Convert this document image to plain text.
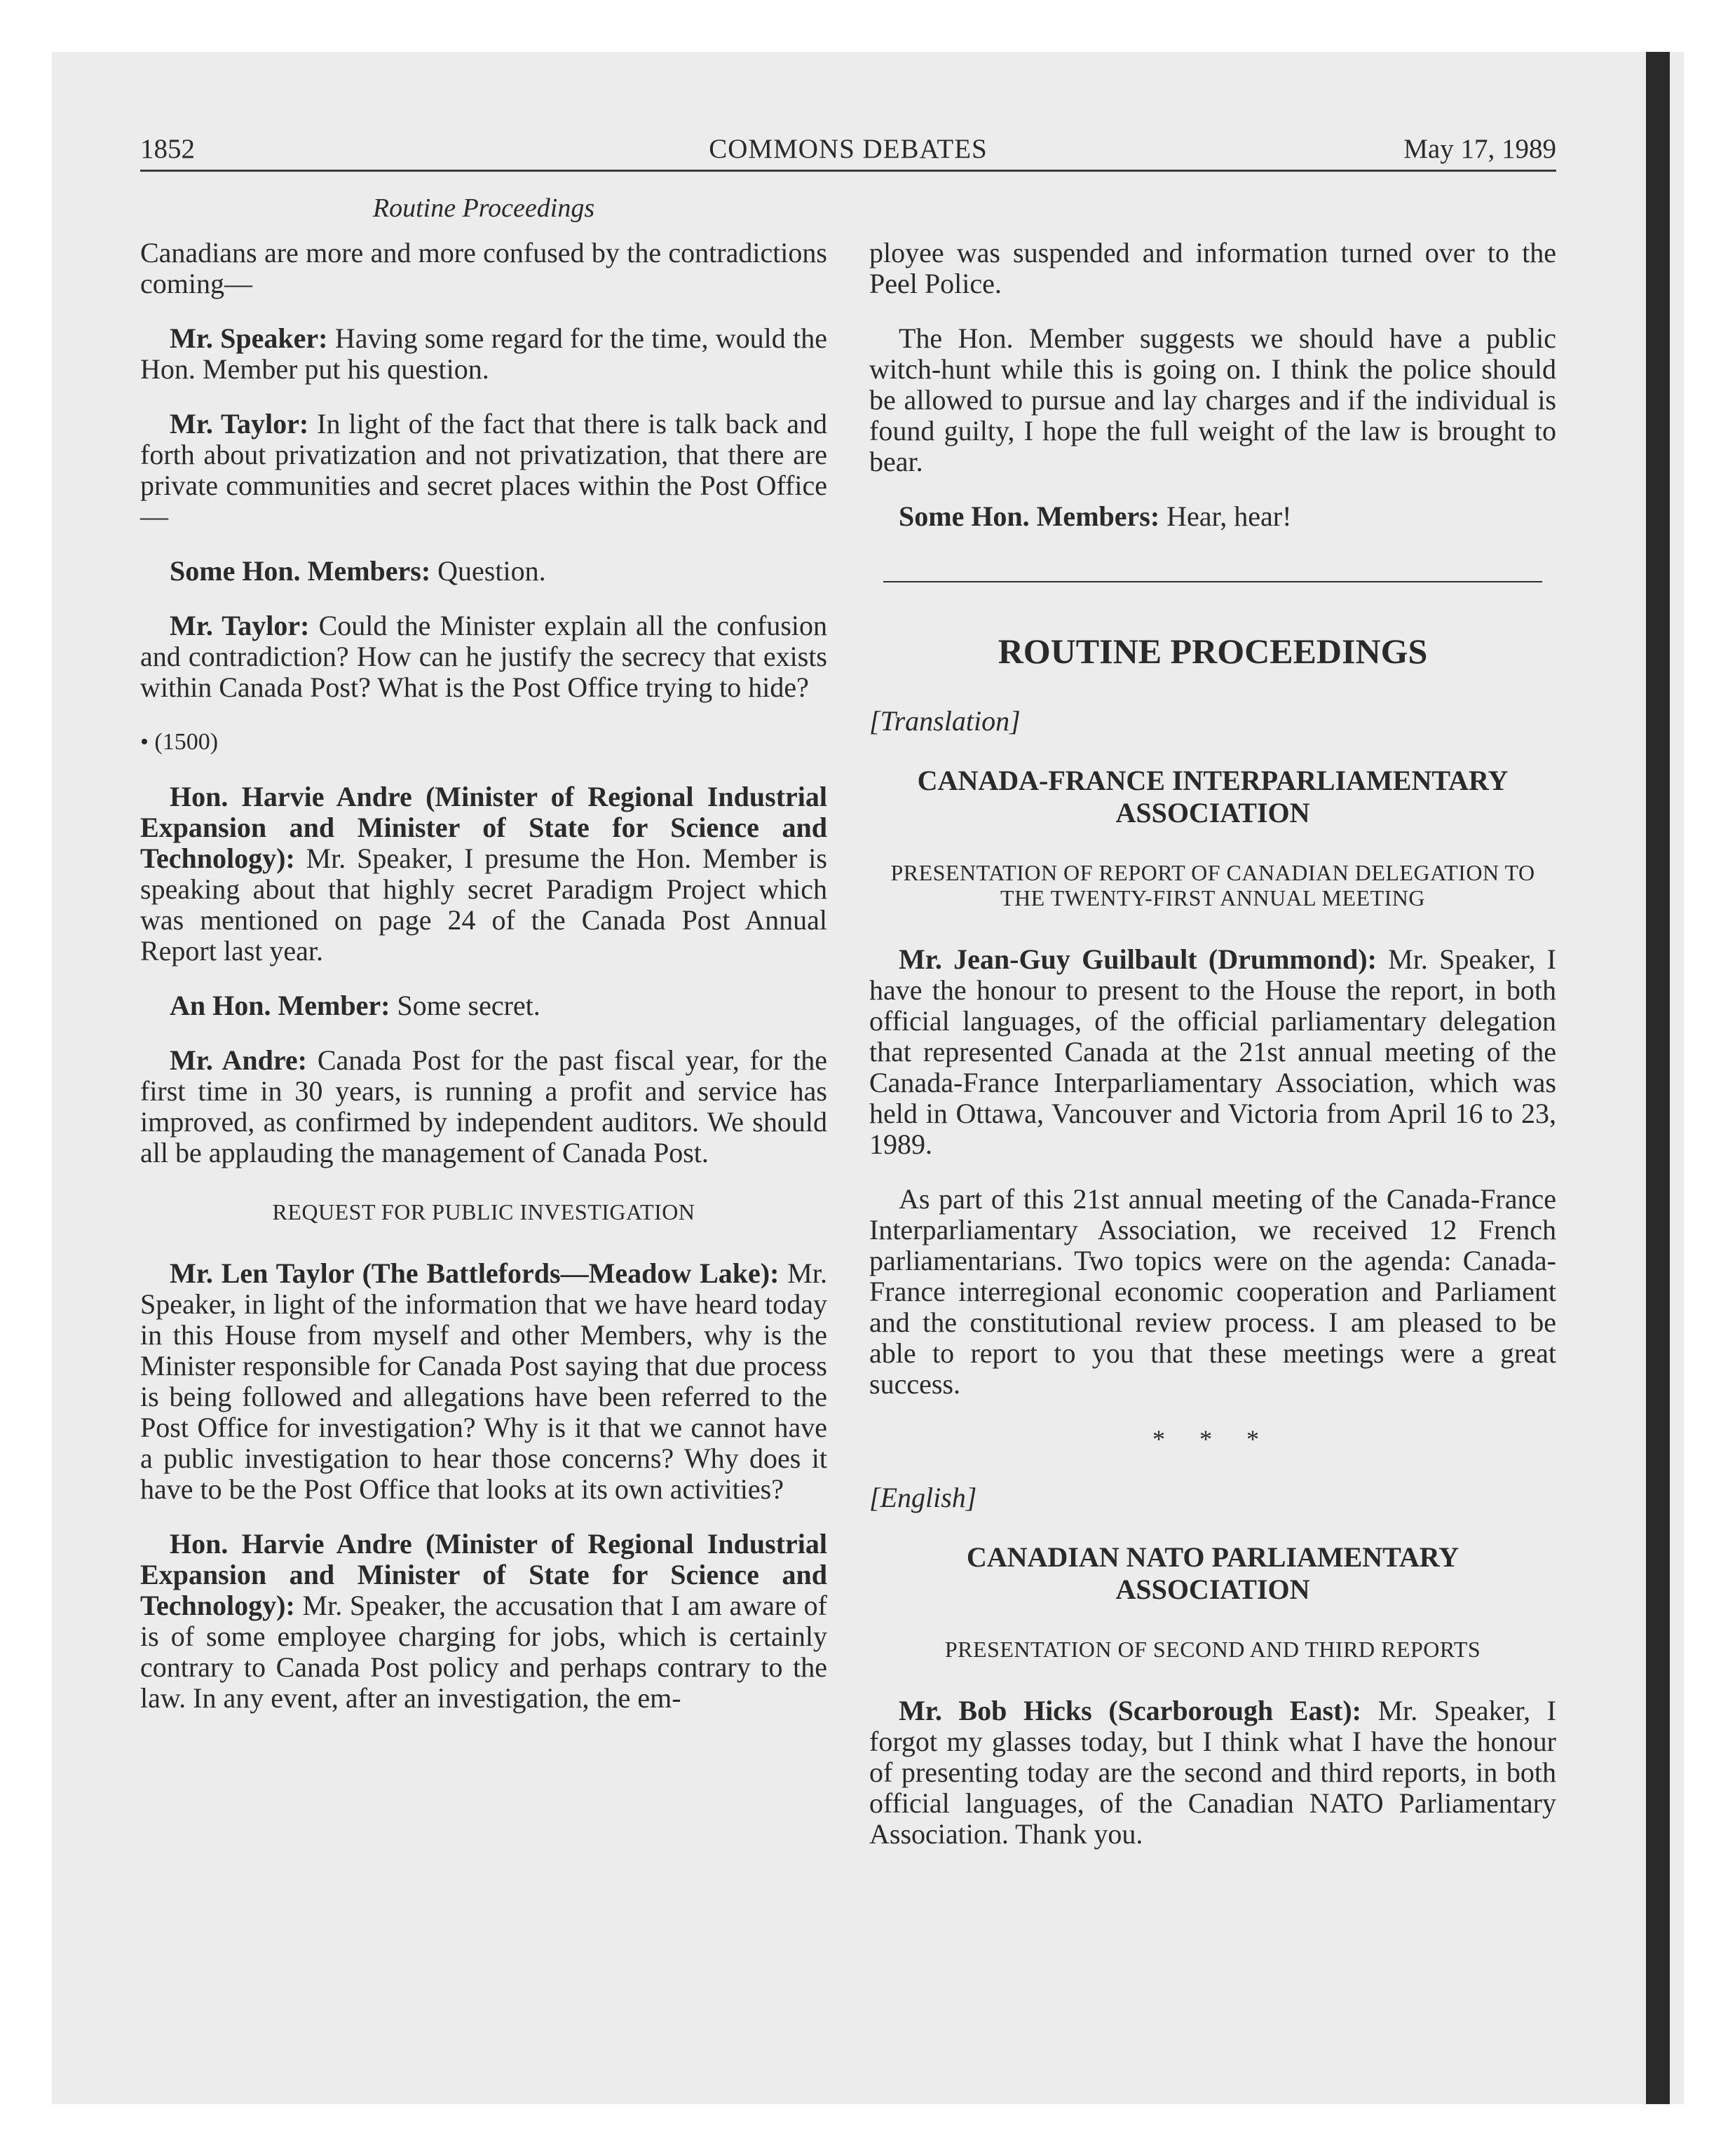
1852	COMMONS DEBATES	May 17, 1989
Routine Proceedings

Canadians are more and more confused by the contradictions coming—

Mr. Speaker: Having some regard for the time, would the Hon. Member put his question.

Mr. Taylor: In light of the fact that there is talk back and forth about privatization and not privatization, that there are private communities and secret places within the Post Office—

Some Hon. Members: Question.

Mr. Taylor: Could the Minister explain all the confusion and contradiction? How can he justify the secrecy that exists within Canada Post? What is the Post Office trying to hide?

• (1500)

Hon. Harvie Andre (Minister of Regional Industrial Expansion and Minister of State for Science and Technology): Mr. Speaker, I presume the Hon. Member is speaking about that highly secret Paradigm Project which was mentioned on page 24 of the Canada Post Annual Report last year.

An Hon. Member: Some secret.

Mr. Andre: Canada Post for the past fiscal year, for the first time in 30 years, is running a profit and service has improved, as confirmed by independent auditors. We should all be applauding the management of Canada Post.

REQUEST FOR PUBLIC INVESTIGATION

Mr. Len Taylor (The Battlefords—Meadow Lake): Mr. Speaker, in light of the information that we have heard today in this House from myself and other Members, why is the Minister responsible for Canada Post saying that due process is being followed and allegations have been referred to the Post Office for investigation? Why is it that we cannot have a public investigation to hear those concerns? Why does it have to be the Post Office that looks at its own activities?

Hon. Harvie Andre (Minister of Regional Industrial Expansion and Minister of State for Science and Technology): Mr. Speaker, the accusation that I am aware of is of some employee charging for jobs, which is certainly contrary to Canada Post policy and perhaps contrary to the law. In any event, after an investigation, the em-

ployee was suspended and information turned over to the Peel Police.

The Hon. Member suggests we should have a public witch-hunt while this is going on. I think the police should be allowed to pursue and lay charges and if the individual is found guilty, I hope the full weight of the law is brought to bear.

Some Hon. Members: Hear, hear!

ROUTINE PROCEEDINGS
[Translation]
CANADA-FRANCE INTERPARLIAMENTARY ASSOCIATION
PRESENTATION OF REPORT OF CANADIAN DELEGATION TO THE TWENTY-FIRST ANNUAL MEETING

Mr. Jean-Guy Guilbault (Drummond): Mr. Speaker, I have the honour to present to the House the report, in both official languages, of the official parliamentary delegation that represented Canada at the 21st annual meeting of the Canada-France Interparliamentary Association, which was held in Ottawa, Vancouver and Victoria from April 16 to 23, 1989.

As part of this 21st annual meeting of the Canada-France Interparliamentary Association, we received 12 French parliamentarians. Two topics were on the agenda: Canada-France interregional economic cooperation and Parliament and the constitutional review process. I am pleased to be able to report to you that these meetings were a great success.

* * *
[English]
CANADIAN NATO PARLIAMENTARY ASSOCIATION
PRESENTATION OF SECOND AND THIRD REPORTS

Mr. Bob Hicks (Scarborough East): Mr. Speaker, I forgot my glasses today, but I think what I have the honour of presenting today are the second and third reports, in both official languages, of the Canadian NATO Parliamentary Association. Thank you.
